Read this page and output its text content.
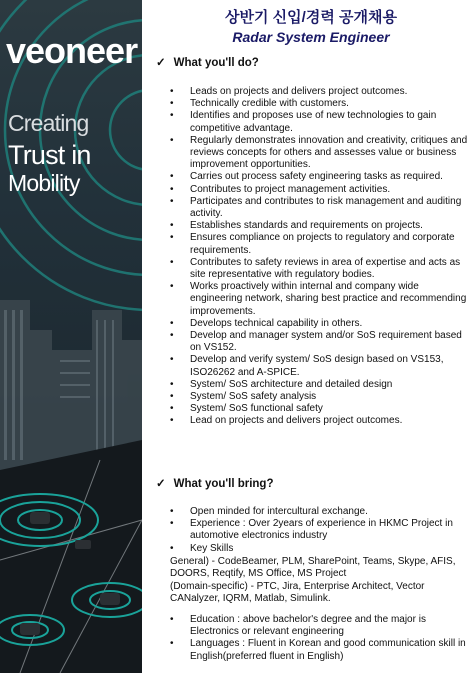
veoneer
Creating
Trust in
Mobility
상반기 신입/경력 공개채용
Radar System Engineer
✓ What you'll do?
• Leads on projects and delivers project outcomes.
• Technically credible with customers.
• Identifies and proposes use of new technologies to gain competitive advantage.
• Regularly demonstrates innovation and creativity, critiques and reviews concepts for others and assesses value or business improvement opportunities.
• Carries out process safety engineering tasks as required.
• Contributes to project management activities.
• Participates and contributes to risk management and auditing activity.
• Establishes standards and requirements on projects.
• Ensures compliance on projects to regulatory and corporate requirements.
• Contributes to safety reviews in area of expertise and acts as site representative with regulatory bodies.
• Works proactively within internal and company wide engineering network, sharing best practice and recommending improvements.
• Develops technical capability in others.
• Develop and manager system and/or SoS requirement based on VS152.
• Develop and verify system/ SoS design based on VS153, ISO26262 and A-SPICE.
• System/ SoS architecture and detailed design
• System/ SoS safety analysis
• System/ SoS functional safety
• Lead on projects and delivers project outcomes.
✓ What you'll bring?
• Open minded for intercultural exchange.
• Experience : Over 2years of experience in HKMC Project in automotive electronics industry
• Key Skills
General) - CodeBeamer, PLM, SharePoint, Teams, Skype, AFIS, DOORS, Reqtify, MS Office, MS Project
(Domain-specific) - PTC, Jira, Enterprise Architect, Vector CANalyzer, IQRM, Matlab, Simulink.
• Education : above bachelor's degree and the major is Electronics or relevant engineering
• Languages : Fluent in Korean and good communication skill in English(preferred fluent in English)
